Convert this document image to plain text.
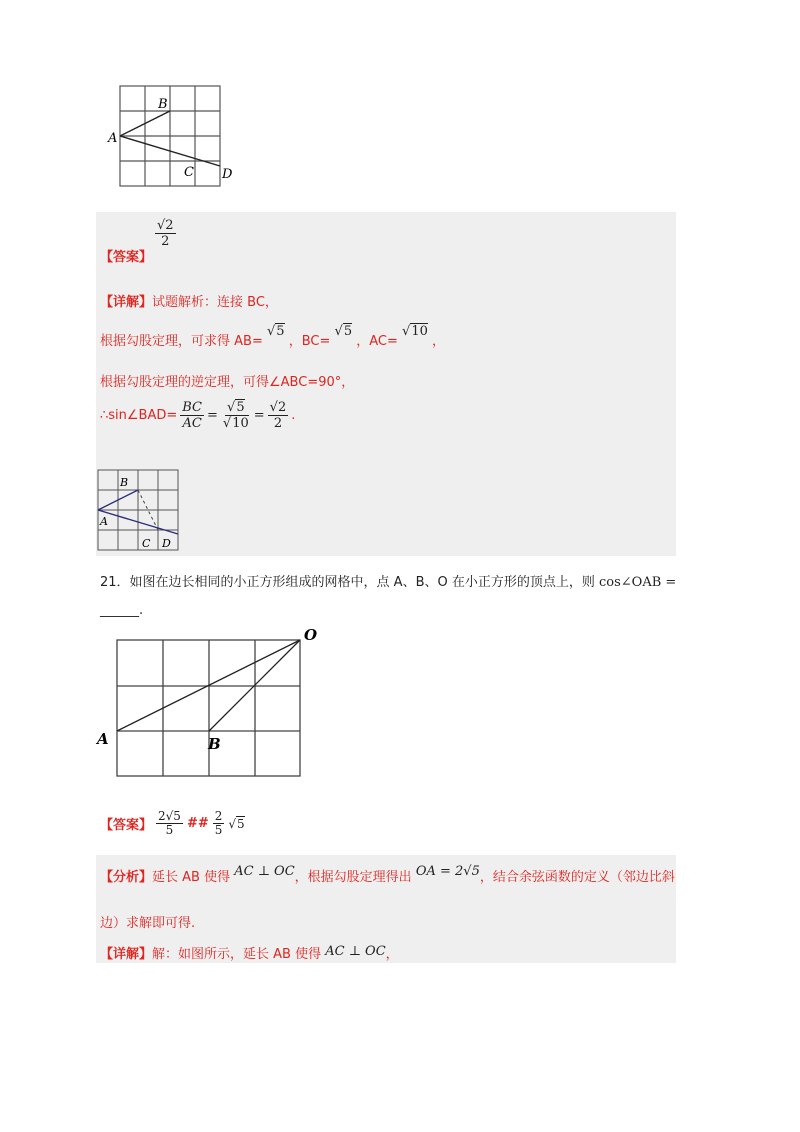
A
B
C D
【答案】
$\frac{√2}{2}$
【详解】试题解析：连接 BC，
根据勾股定理，可求得 AB= √5 ，BC= √5 ，AC= √10 ，
根据勾股定理的逆定理，可得∠ABC=90°，
∴sin∠BAD= $\frac{BC}{AC} = \frac{√5}{√10} = \frac{√2}{2}$ .
B
A
C D
21．如图在边长相同的小正方形组成的网格中，点 A、B、O 在小正方形的顶点上，则 cos∠OAB =
______.
A	B
O
【答案】 $\frac{2√5}{5}$ ## $\frac{2}{5} √5$
【分析】延长 AB 使得 AC ⊥ OC，根据勾股定理得出 OA = 2√5，结合余弦函数的定义（邻边比斜
边）求解即可得.
【详解】解：如图所示，延长 AB 使得 AC ⊥ OC，
